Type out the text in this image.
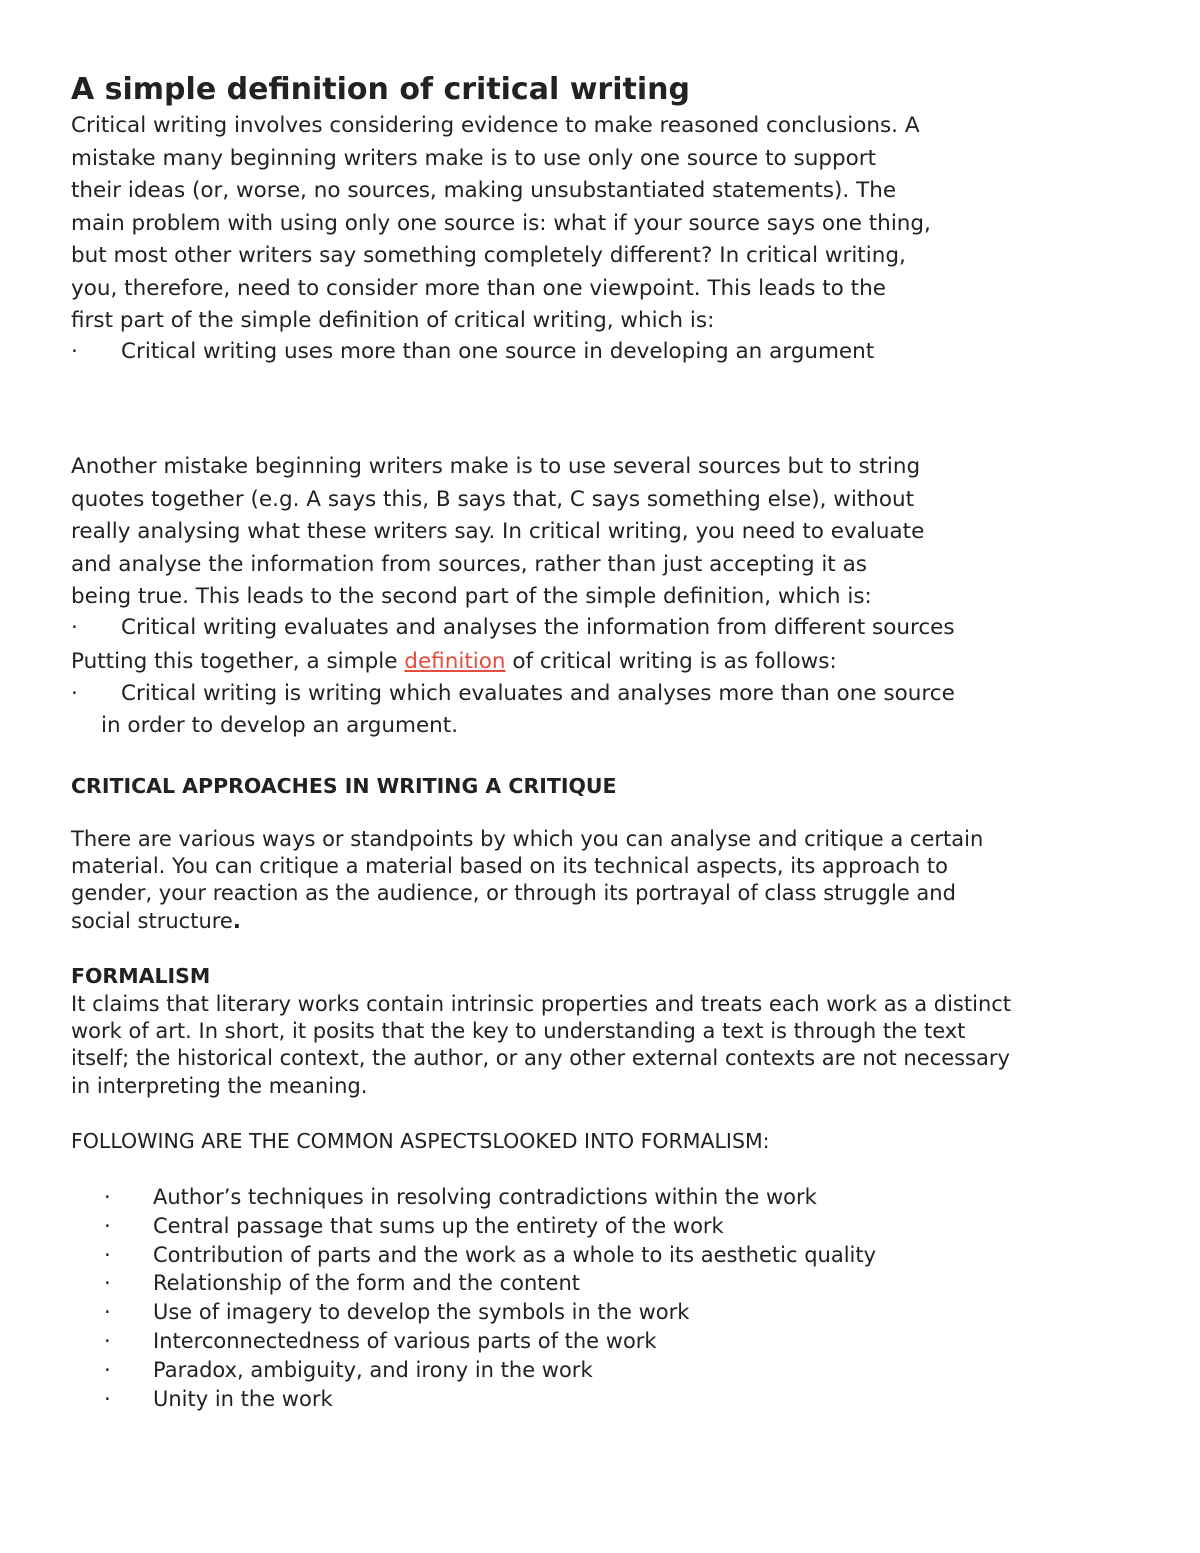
A simple definition of critical writing
Critical writing involves considering evidence to make reasoned conclusions. A
mistake many beginning writers make is to use only one source to support
their ideas (or, worse, no sources, making unsubstantiated statements). The
main problem with using only one source is: what if your source says one thing,
but most other writers say something completely different? In critical writing,
you, therefore, need to consider more than one viewpoint. This leads to the
first part of the simple definition of critical writing, which is:
· Critical writing uses more than one source in developing an argument
Another mistake beginning writers make is to use several sources but to string
quotes together (e.g. A says this, B says that, C says something else), without
really analysing what these writers say. In critical writing, you need to evaluate
and analyse the information from sources, rather than just accepting it as
being true. This leads to the second part of the simple definition, which is:
· Critical writing evaluates and analyses the information from different sources
Putting this together, a simple definition of critical writing is as follows:
· Critical writing is writing which evaluates and analyses more than one source
in order to develop an argument.
CRITICAL APPROACHES IN WRITING A CRITIQUE
There are various ways or standpoints by which you can analyse and critique a certain
material. You can critique a material based on its technical aspects, its approach to
gender, your reaction as the audience, or through its portrayal of class struggle and
social structure.
FORMALISM
It claims that literary works contain intrinsic properties and treats each work as a distinct
work of art. In short, it posits that the key to understanding a text is through the text
itself; the historical context, the author, or any other external contexts are not necessary
in interpreting the meaning.

FOLLOWING ARE THE COMMON ASPECTSLOOKED INTO FORMALISM:

· Author’s techniques in resolving contradictions within the work
· Central passage that sums up the entirety of the work
· Contribution of parts and the work as a whole to its aesthetic quality
· Relationship of the form and the content
· Use of imagery to develop the symbols in the work
· Interconnectedness of various parts of the work
· Paradox, ambiguity, and irony in the work
· Unity in the work
